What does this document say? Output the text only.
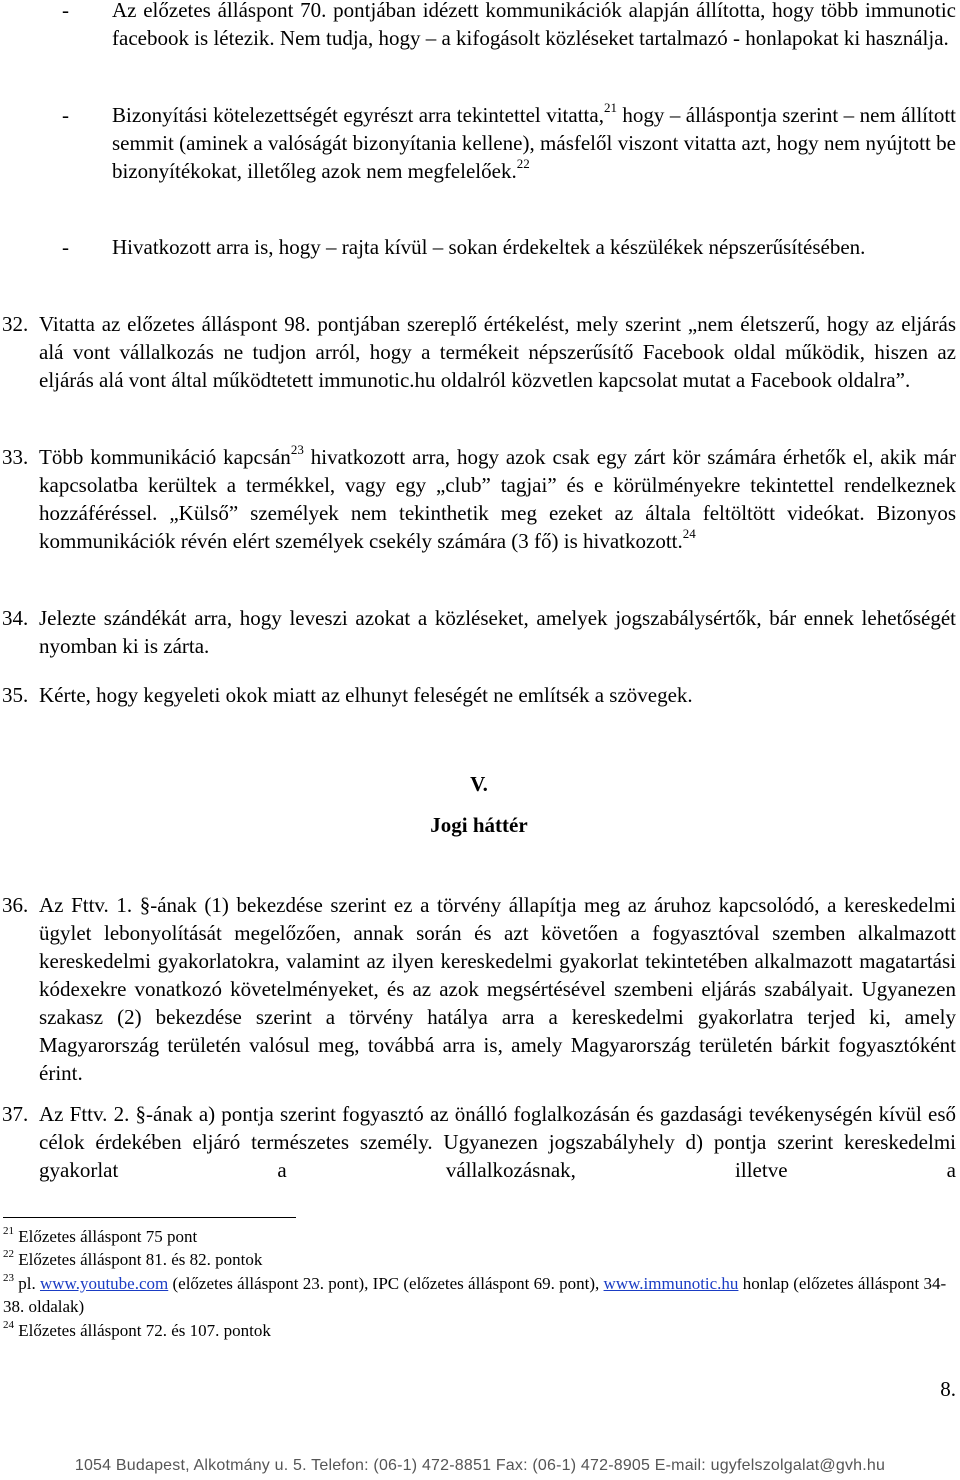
- Az előzetes álláspont 70. pontjában idézett kommunikációk alapján állította, hogy több immunotic facebook is létezik. Nem tudja, hogy – a kifogásolt közléseket tartalmazó - honlapokat ki használja.
- Bizonyítási kötelezettségét egyrészt arra tekintettel vitatta,$^{21}$ hogy – álláspontja szerint – nem állított semmit (aminek a valóságát bizonyítania kellene), másfelől viszont vitatta azt, hogy nem nyújtott be bizonyítékokat, illetőleg azok nem megfelelőek.$^{22}$
- Hivatkozott arra is, hogy – rajta kívül – sokan érdekeltek a készülékek népszerűsítésében.
32. Vitatta az előzetes álláspont 98. pontjában szereplő értékelést, mely szerint „nem életszerű, hogy az eljárás alá vont vállalkozás ne tudjon arról, hogy a termékeit népszerűsítő Facebook oldal működik, hiszen az eljárás alá vont által működtetett immunotic.hu oldalról közvetlen kapcsolat mutat a Facebook oldalra”.
33. Több kommunikáció kapcsán$^{23}$ hivatkozott arra, hogy azok csak egy zárt kör számára érhetők el, akik már kapcsolatba kerültek a termékkel, vagy egy „club” tagjai” és e körülményekre tekintettel rendelkeznek hozzáféréssel. „Külső” személyek nem tekinthetik meg ezeket az általa feltöltött videókat. Bizonyos kommunikációk révén elért személyek csekély számára (3 fő) is hivatkozott.$^{24}$
34. Jelezte szándékát arra, hogy leveszi azokat a közléseket, amelyek jogszabálysértők, bár ennek lehetőségét nyomban ki is zárta.
35. Kérte, hogy kegyeleti okok miatt az elhunyt feleségét ne említsék a szövegek.
V.
Jogi háttér
36. Az Fttv. 1. §-ának (1) bekezdése szerint ez a törvény állapítja meg az áruhoz kapcsolódó, a kereskedelmi ügylet lebonyolítását megelőzően, annak során és azt követően a fogyasztóval szemben alkalmazott kereskedelmi gyakorlatokra, valamint az ilyen kereskedelmi gyakorlat tekintetében alkalmazott magatartási kódexekre vonatkozó követelményeket, és az azok megsértésével szembeni eljárás szabályait. Ugyanezen szakasz (2) bekezdése szerint a törvény hatálya arra a kereskedelmi gyakorlatra terjed ki, amely Magyarország területén valósul meg, továbbá arra is, amely Magyarország területén bárkit fogyasztóként érint.
37. Az Fttv. 2. §-ának a) pontja szerint fogyasztó az önálló foglalkozásán és gazdasági tevékenységén kívül eső célok érdekében eljáró természetes személy. Ugyanezen jogszabályhely d) pontja szerint kereskedelmi gyakorlat a vállalkozásnak, illetve a
$^{21}$ Előzetes álláspont 75 pont
$^{22}$ Előzetes álláspont 81. és 82. pontok
$^{23}$ pl. www.youtube.com (előzetes álláspont 23. pont), IPC (előzetes álláspont 69. pont), www.immunotic.hu honlap (előzetes álláspont 34-38. oldalak)
$^{24}$ Előzetes álláspont 72. és 107. pontok
8.
1054 Budapest, Alkotmány u. 5. Telefon: (06-1) 472-8851 Fax: (06-1) 472-8905 E-mail: ugyfelszolgalat@gvh.hu
